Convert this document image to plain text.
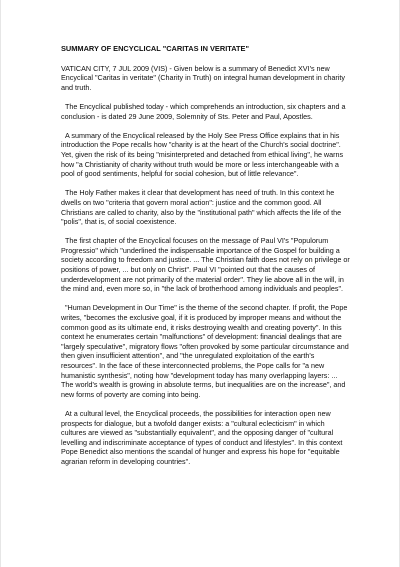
SUMMARY OF ENCYCLICAL "CARITAS IN VERITATE"
VATICAN CITY, 7 JUL 2009 (VIS) - Given below is a summary of Benedict XVI's new Encyclical "Caritas in veritate" (Charity in Truth) on integral human development in charity and truth.
The Encyclical published today - which comprehends an introduction, six chapters and a conclusion - is dated 29 June 2009, Solemnity of Sts. Peter and Paul, Apostles.
A summary of the Encyclical released by the Holy See Press Office explains that in his introduction the Pope recalls how "charity is at the heart of the Church's social doctrine". Yet, given the risk of its being "misinterpreted and detached from ethical living", he warns how "a Christianity of charity without truth would be more or less interchangeable with a pool of good sentiments, helpful for social cohesion, but of little relevance".
The Holy Father makes it clear that development has need of truth. In this context he dwells on two "criteria that govern moral action": justice and the common good. All Christians are called to charity, also by the "institutional path" which affects the life of the "polis", that is, of social coexistence.
The first chapter of the Encyclical focuses on the message of Paul VI's "Populorum Progressio" which "underlined the indispensable importance of the Gospel for building a society according to freedom and justice. ... The Christian faith does not rely on privilege or positions of power, ... but only on Christ". Paul VI "pointed out that the causes of underdevelopment are not primarily of the material order". They lie above all in the will, in the mind and, even more so, in "the lack of brotherhood among individuals and peoples".
"Human Development in Our Time" is the theme of the second chapter. If profit, the Pope writes, "becomes the exclusive goal, if it is produced by improper means and without the common good as its ultimate end, it risks destroying wealth and creating poverty". In this context he enumerates certain "malfunctions" of development: financial dealings that are "largely speculative", migratory flows "often provoked by some particular circumstance and then given insufficient attention", and "the unregulated exploitation of the earth's resources". In the face of these interconnected problems, the Pope calls for "a new humanistic synthesis", noting how "development today has many overlapping layers: ... The world's wealth is growing in absolute terms, but inequalities are on the increase", and new forms of poverty are coming into being.
At a cultural level, the Encyclical proceeds, the possibilities for interaction open new prospects for dialogue, but a twofold danger exists: a "cultural eclecticism" in which cultures are viewed as "substantially equivalent", and the opposing danger of "cultural levelling and indiscriminate acceptance of types of conduct and lifestyles". In this context Pope Benedict also mentions the scandal of hunger and express his hope for "equitable agrarian reform in developing countries".
